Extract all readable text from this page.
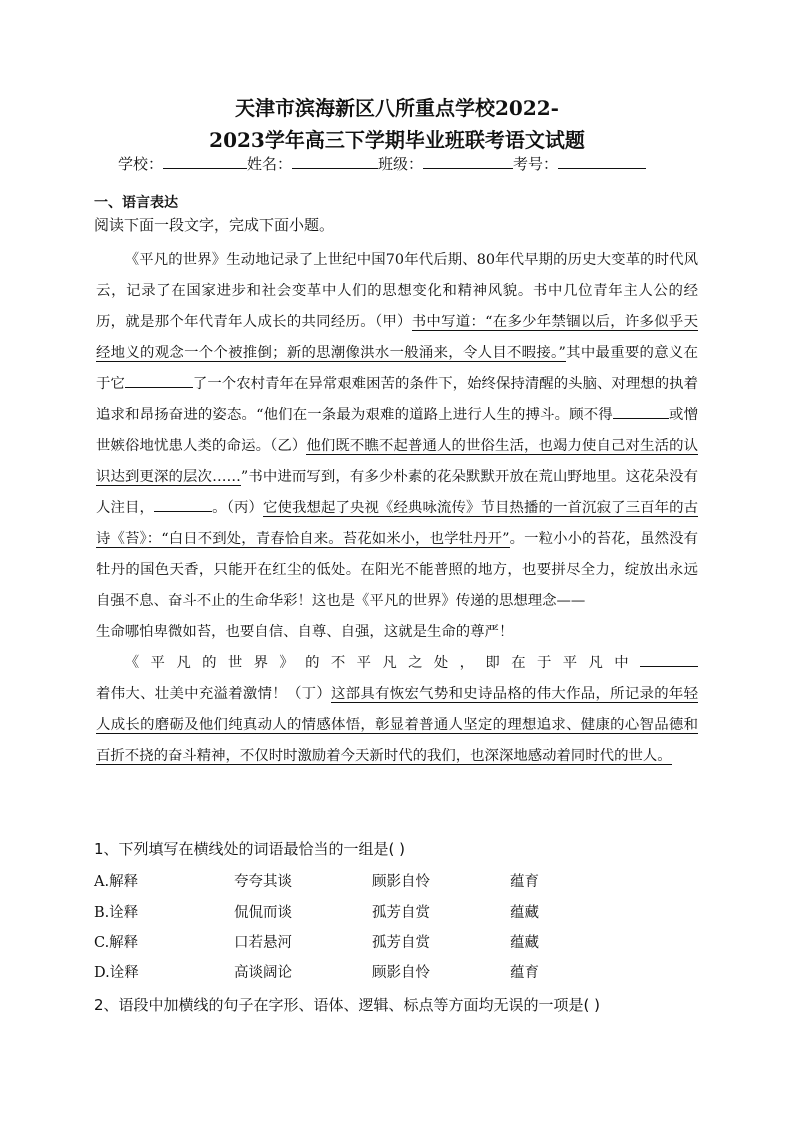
天津市滨海新区八所重点学校2022-
2023学年高三下学期毕业班联考语文试题
学校：	姓名：	班级：	考号：
一、语言表达
阅读下面一段文字，完成下面小题。

《平凡的世界》生动地记录了上世纪中国70年代后期、80年代早期的历史大变革的时代风云，记录了在国家进步和社会变革中人们的思想变化和精神风貌。书中几位青年主人公的经历，就是那个年代青年人成长的共同经历。（甲）书中写道：“在多少年禁锢以后，许多似乎天经地义的观念一个个被推倒；新的思潮像洪水一般涌来，令人目不暇接。”其中最重要的意义在于它	了一个农村青年在异常艰难困苦的条件下，始终保持清醒的头脑、对理想的执着追求和昂扬奋进的姿态。“他们在一条最为艰难的道路上进行人生的搏斗。顾不得	或憎世嫉俗地忧患人类的命运。（乙）他们既不瞧不起普通人的世俗生活，也竭力使自己对生活的认识达到更深的层次……”书中进而写到，有多少朴素的花朵默默开放在荒山野地里。这花朵没有人注目，	。（丙）它使我想起了央视《经典咏流传》节目热播的一首沉寂了三百年的古诗《苔》：“白日不到处，青春恰自来。苔花如米小，也学牡丹开”。一粒小小的苔花，虽然没有牡丹的国色天香，只能开在红尘的低处。在阳光不能普照的地方，也要拼尽全力，绽放出永远自强不息、奋斗不止的生命华彩！这也是《平凡的世界》传递的思想理念——

生命哪怕卑微如苔，也要自信、自尊、自强，这就是生命的尊严！

《平凡的世界》的不平凡之处，即在于平凡中着伟大、壮美中充溢着激情！（丁）这部具有恢宏气势和史诗品格的伟大作品，所记录的年轻人成长的磨砺及他们纯真动人的情感体悟，彰显着普通人坚定的理想追求、健康的心智品德和百折不挠的奋斗精神，不仅时时激励着今天新时代的我们，也深深地感动着同时代的世人。

1、下列填写在横线处的词语最恰当的一组是( )
A.解释	夸夸其谈	顾影自怜	蕴育
B.诠释	侃侃而谈	孤芳自赏	蕴藏
C.解释	口若悬河	孤芳自赏	蕴藏
D.诠释	高谈阔论	顾影自怜	蕴育
2、语段中加横线的句子在字形、语体、逻辑、标点等方面均无误的一项是( )
